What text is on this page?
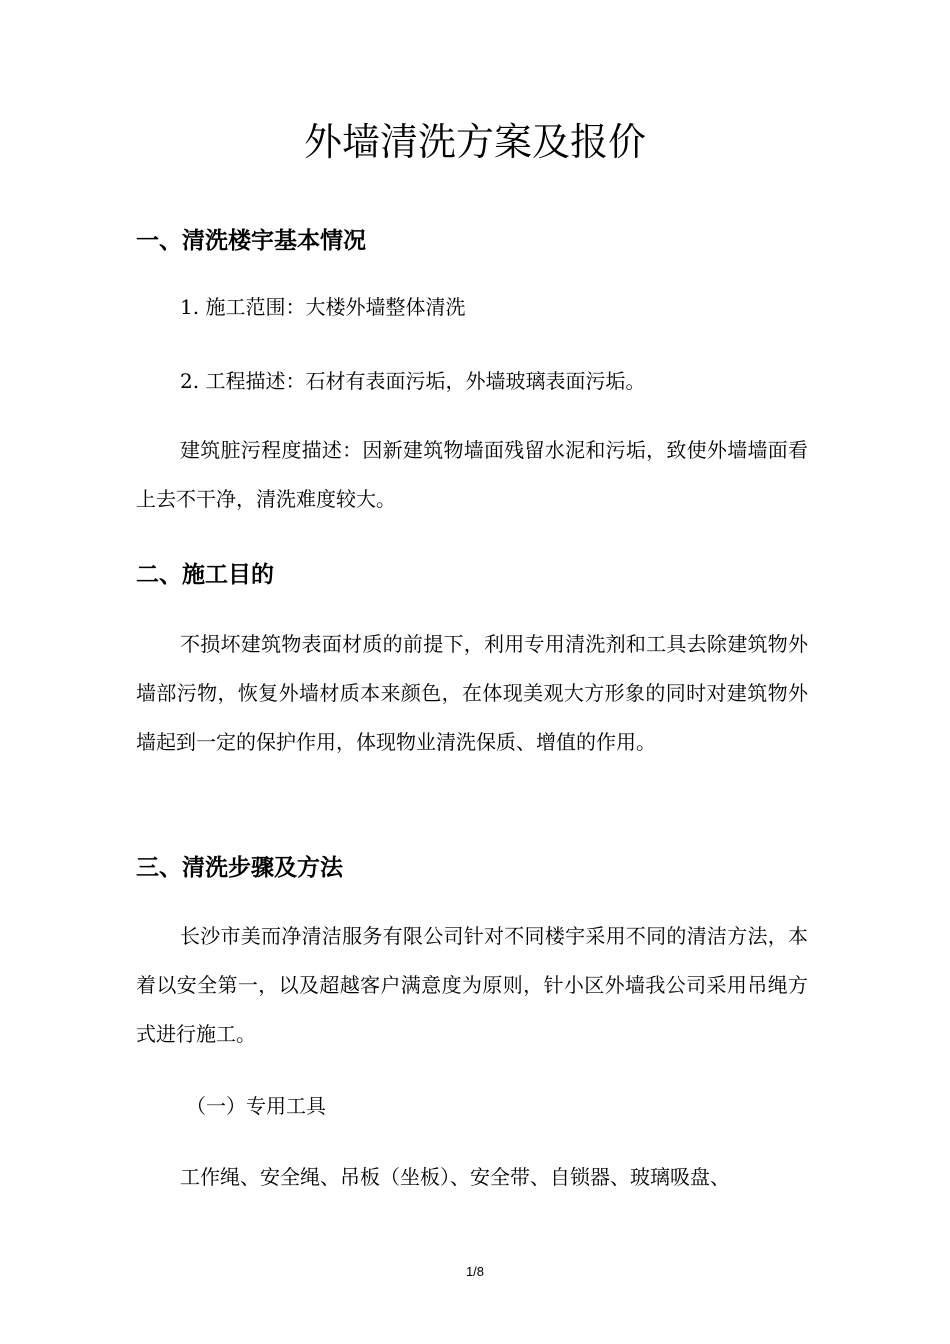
外墙清洗方案及报价
一、清洗楼宇基本情况
1. 施工范围：大楼外墙整体清洗
2. 工程描述：石材有表面污垢，外墙玻璃表面污垢。

建筑脏污程度描述：因新建筑物墙面残留水泥和污垢，致使外墙墙面看上去不干净，清洗难度较大。

二、施工目的

不损坏建筑物表面材质的前提下，利用专用清洗剂和工具去除建筑物外墙部污物，恢复外墙材质本来颜色，在体现美观大方形象的同时对建筑物外墙起到一定的保护作用，体现物业清洗保质、增值的作用。

三、清洗步骤及方法

长沙市美而净清洁服务有限公司针对不同楼宇采用不同的清洁方法，本着以安全第一，以及超越客户满意度为原则，针小区外墙我公司采用吊绳方式进行施工。

（一）专用工具

工作绳、安全绳、吊板（坐板）、安全带、自锁器、玻璃吸盘、

1/8
